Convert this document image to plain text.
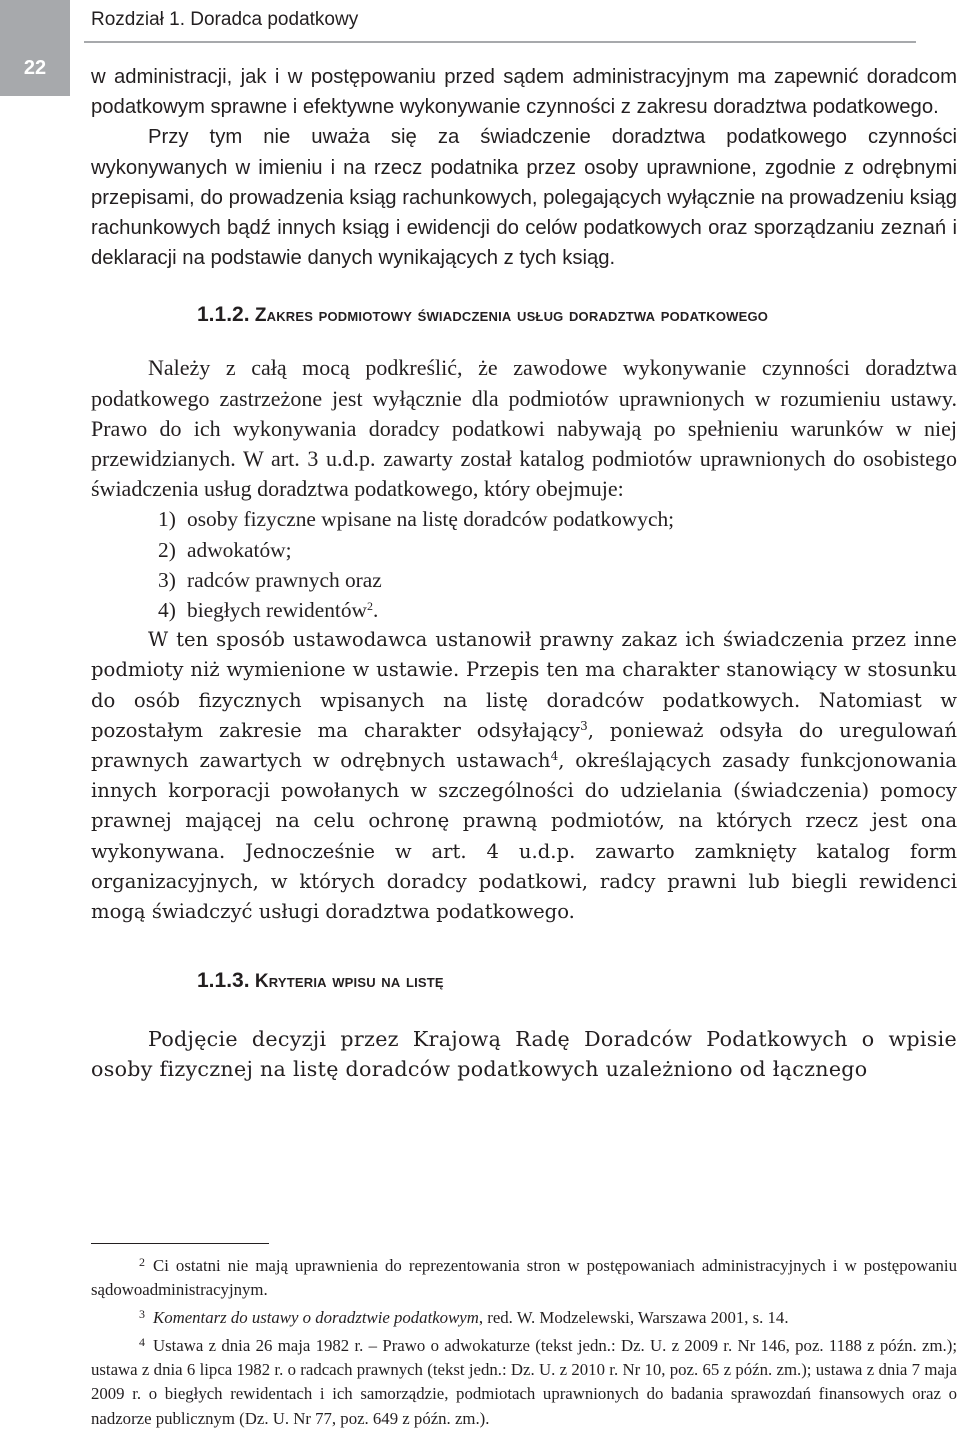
22
Rozdział 1. Doradca podatkowy

w administracji, jak i w postępowaniu przed sądem administracyjnym ma zapewnić doradcom podatkowym sprawne i efektywne wykonywanie czynności z zakresu doradztwa podatkowego.

Przy tym nie uważa się za świadczenie doradztwa podatkowego czynności wykonywanych w imieniu i na rzecz podatnika przez osoby uprawnione, zgodnie z odrębnymi przepisami, do prowadzenia ksiąg rachunkowych, polegających wyłącznie na prowadzeniu ksiąg rachunkowych bądź innych ksiąg i ewidencji do celów podatkowych oraz sporządzaniu zeznań i deklaracji na podstawie danych wynikających z tych ksiąg.

1.1.2. Zakres podmiotowy świadczenia usług doradztwa podatkowego

Należy z całą mocą podkreślić, że zawodowe wykonywanie czynności doradztwa podatkowego zastrzeżone jest wyłącznie dla podmiotów uprawnionych w rozumieniu ustawy. Prawo do ich wykonywania doradcy podatkowi nabywają po spełnieniu warunków w niej przewidzianych. W art. 3 u.d.p. zawarty został katalog podmiotów uprawnionych do osobistego świadczenia usług doradztwa podatkowego, który obejmuje:

1) osoby fizyczne wpisane na listę doradców podatkowych;
2) adwokatów;
3) radców prawnych oraz
4) biegłych rewidentów$^2$.

W ten sposób ustawodawca ustanowił prawny zakaz ich świadczenia przez inne podmioty niż wymienione w ustawie. Przepis ten ma charakter stanowiący w stosunku do osób fizycznych wpisanych na listę doradców podatkowych. Natomiast w pozostałym zakresie ma charakter odsyłający$^3$, ponieważ odsyła do uregulowań prawnych zawartych w odrębnych ustawach$^4$, określających zasady funkcjonowania innych korporacji powołanych w szczególności do udzielania (świadczenia) pomocy prawnej mającej na celu ochronę prawną podmiotów, na których rzecz jest ona wykonywana. Jednocześnie w art. 4 u.d.p. zawarto zamknięty katalog form organizacyjnych, w których doradcy podatkowi, radcy prawni lub biegli rewidenci mogą świadczyć usługi doradztwa podatkowego.

1.1.3. Kryteria wpisu na listę

Podjęcie decyzji przez Krajową Radę Doradców Podatkowych o wpisie osoby fizycznej na listę doradców podatkowych uzależniono od łącznego

$^2$ Ci ostatni nie mają uprawnienia do reprezentowania stron w postępowaniach administracyjnych i w postępowaniu sądowoadministracyjnym.

$^3$ Komentarz do ustawy o doradztwie podatkowym, red. W. Modzelewski, Warszawa 2001, s. 14.

$^4$ Ustawa z dnia 26 maja 1982 r. – Prawo o adwokaturze (tekst jedn.: Dz. U. z 2009 r. Nr 146, poz. 1188 z późn. zm.); ustawa z dnia 6 lipca 1982 r. o radcach prawnych (tekst jedn.: Dz. U. z 2010 r. Nr 10, poz. 65 z późn. zm.); ustawa z dnia 7 maja 2009 r. o biegłych rewidentach i ich samorządzie, podmiotach uprawnionych do badania sprawozdań finansowych oraz o nadzorze publicznym (Dz. U. Nr 77, poz. 649 z późn. zm.).
